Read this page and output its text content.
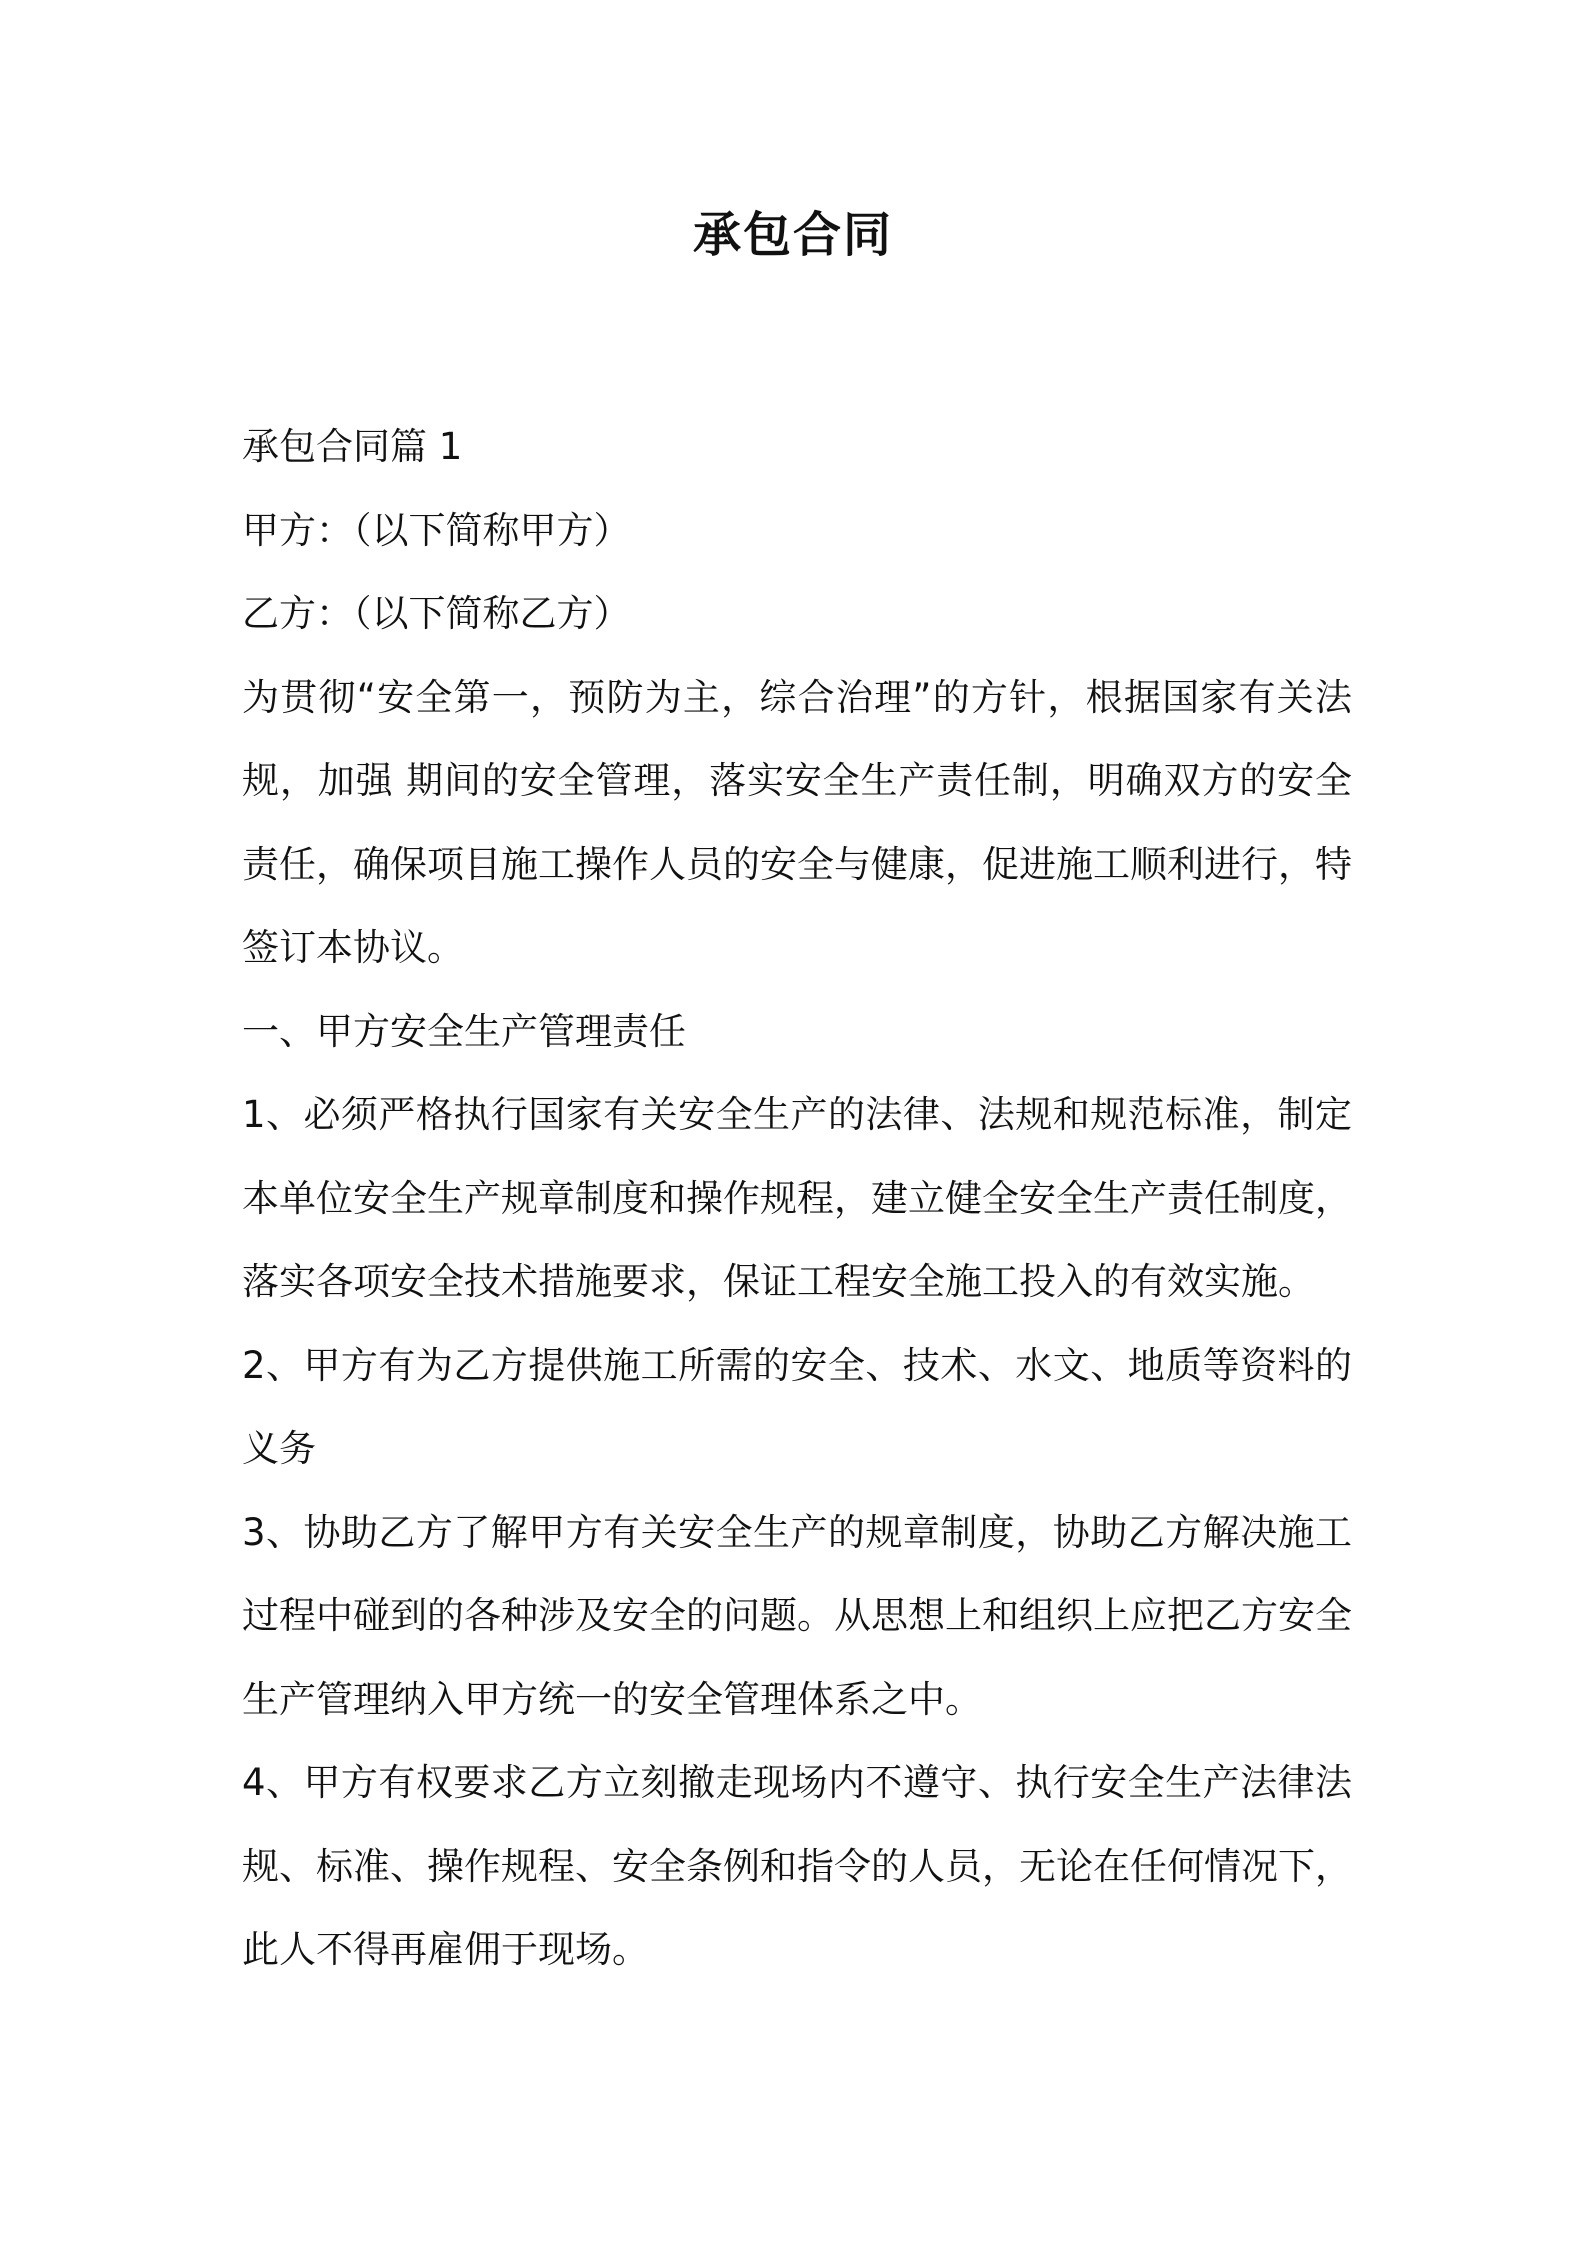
承包合同

承包合同篇 1

甲方：（以下简称甲方）

乙方：（以下简称乙方）

为贯彻“安全第一，预防为主，综合治理”的方针，根据国家有关法规，加强 期间的安全管理，落实安全生产责任制，明确双方的安全责任，确保项目施工操作人员的安全与健康，促进施工顺利进行，特签订本协议。

一、甲方安全生产管理责任

1、必须严格执行国家有关安全生产的法律、法规和规范标准，制定本单位安全生产规章制度和操作规程，建立健全安全生产责任制度，落实各项安全技术措施要求，保证工程安全施工投入的有效实施。

2、甲方有为乙方提供施工所需的安全、技术、水文、地质等资料的义务

3、协助乙方了解甲方有关安全生产的规章制度，协助乙方解决施工过程中碰到的各种涉及安全的问题。从思想上和组织上应把乙方安全生产管理纳入甲方统一的安全管理体系之中。

4、甲方有权要求乙方立刻撤走现场内不遵守、执行安全生产法律法规、标准、操作规程、安全条例和指令的人员，无论在任何情况下，此人不得再雇佣于现场。
